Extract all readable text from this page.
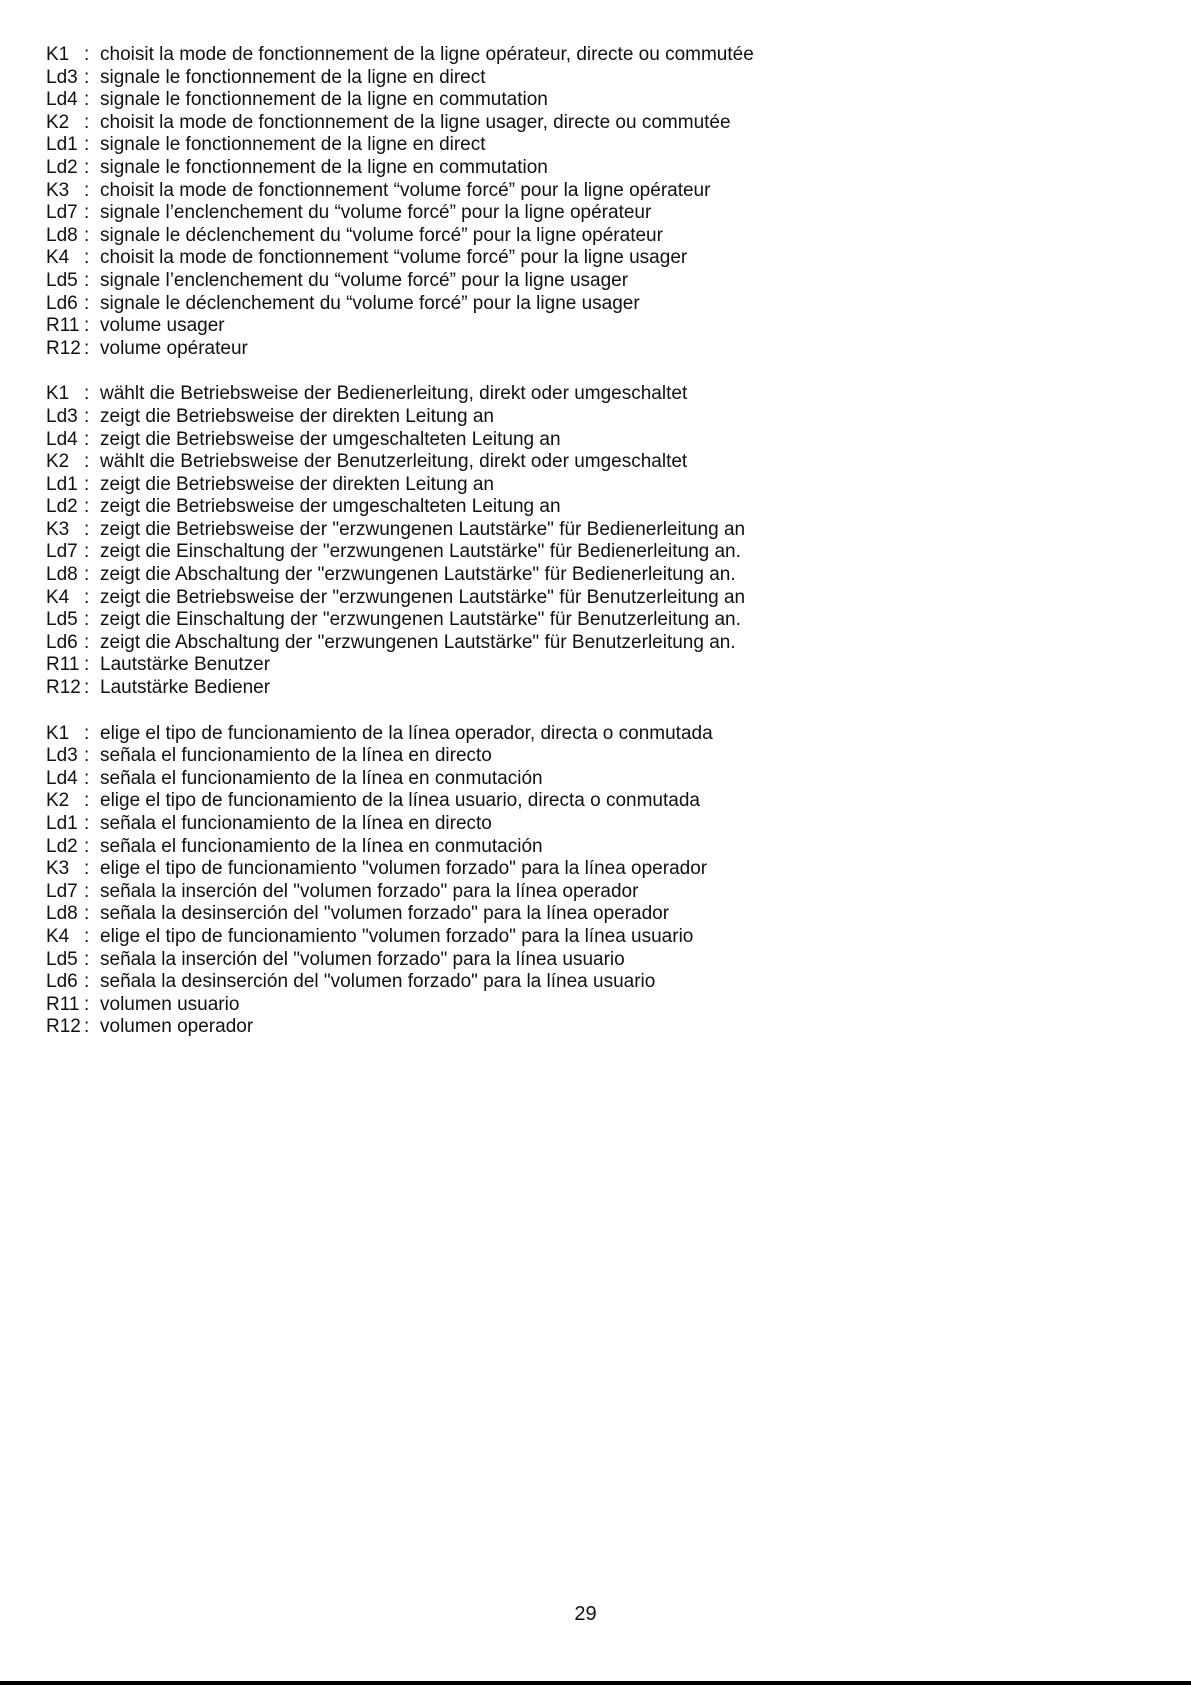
K1 : choisit la mode de fonctionnement de la ligne opérateur, directe ou commutée
Ld3 : signale le fonctionnement de la ligne en direct
Ld4 : signale le fonctionnement de la ligne en commutation
K2 : choisit la mode de fonctionnement de la ligne usager, directe ou commutée
Ld1 : signale le fonctionnement de la ligne en direct
Ld2 : signale le fonctionnement de la ligne en commutation
K3 : choisit la mode de fonctionnement “volume forcé” pour la ligne opérateur
Ld7 : signale l’enclenchement du “volume forcé” pour la ligne opérateur
Ld8 : signale le déclenchement du “volume forcé” pour la ligne opérateur
K4 : choisit la mode de fonctionnement “volume forcé” pour la ligne usager
Ld5 : signale l’enclenchement du “volume forcé” pour la ligne usager
Ld6 : signale le déclenchement du “volume forcé” pour la ligne usager
R11 : volume usager
R12 : volume opérateur
K1 : wählt die Betriebsweise der Bedienerleitung, direkt oder umgeschaltet
Ld3 : zeigt die Betriebsweise der direkten Leitung an
Ld4 : zeigt die Betriebsweise der umgeschalteten Leitung an
K2 : wählt die Betriebsweise der Benutzerleitung, direkt oder umgeschaltet
Ld1 : zeigt die Betriebsweise der direkten Leitung an
Ld2 : zeigt die Betriebsweise der umgeschalteten Leitung an
K3 : zeigt die Betriebsweise der "erzwungenen Lautstärke" für Bedienerleitung an
Ld7 : zeigt die Einschaltung der "erzwungenen Lautstärke" für Bedienerleitung an.
Ld8 : zeigt die Abschaltung der "erzwungenen Lautstärke" für Bedienerleitung an.
K4 : zeigt die Betriebsweise der "erzwungenen Lautstärke" für Benutzerleitung an
Ld5 : zeigt die Einschaltung der "erzwungenen Lautstärke" für Benutzerleitung an.
Ld6 : zeigt die Abschaltung der "erzwungenen Lautstärke" für Benutzerleitung an.
R11 : Lautstärke Benutzer
R12 : Lautstärke Bediener
K1 : elige el tipo de funcionamiento de la línea operador, directa o conmutada
Ld3 : señala el funcionamiento de la línea en directo
Ld4 : señala el funcionamiento de la línea en conmutación
K2 : elige el tipo de funcionamiento de la línea usuario, directa o conmutada
Ld1 : señala el funcionamiento de la línea en directo
Ld2 : señala el funcionamiento de la línea en conmutación
K3 : elige el tipo de funcionamiento "volumen forzado" para la línea operador
Ld7 : señala la inserción del "volumen forzado" para la línea operador
Ld8 : señala la desinserción del "volumen forzado" para la línea operador
K4 : elige el tipo de funcionamiento "volumen forzado" para la línea usuario
Ld5 : señala la inserción del "volumen forzado" para la línea usuario
Ld6 : señala la desinserción del "volumen forzado" para la línea usuario
R11 : volumen usuario
R12 : volumen operador
29
